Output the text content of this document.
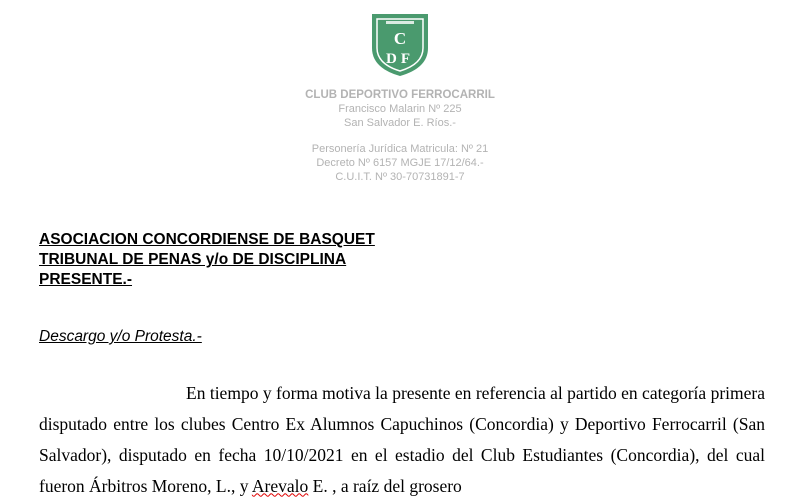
C
DF
CLUB DEPORTIVO FERROCARRIL
Francisco Malarin Nº 225
San Salvador E. Ríos.-
Personería Jurídica Matricula: Nº 21
Decreto Nº 6157 MGJE 17/12/64.-
C.U.I.T. Nº 30-70731891-7
ASOCIACION CONCORDIENSE DE BASQUET
TRIBUNAL DE PENAS y/o DE DISCIPLINA
PRESENTE.-
Descargo y/o Protesta.-

En tiempo y forma motiva la presente en referencia al partido en categoría primera disputado entre los clubes Centro Ex Alumnos Capuchinos (Concordia) y Deportivo Ferrocarril (San Salvador), disputado en fecha 10/10/2021 en el estadio del Club Estudiantes (Concordia), del cual fueron Árbitros Moreno, L., y Arevalo E. , a raíz del grosero
